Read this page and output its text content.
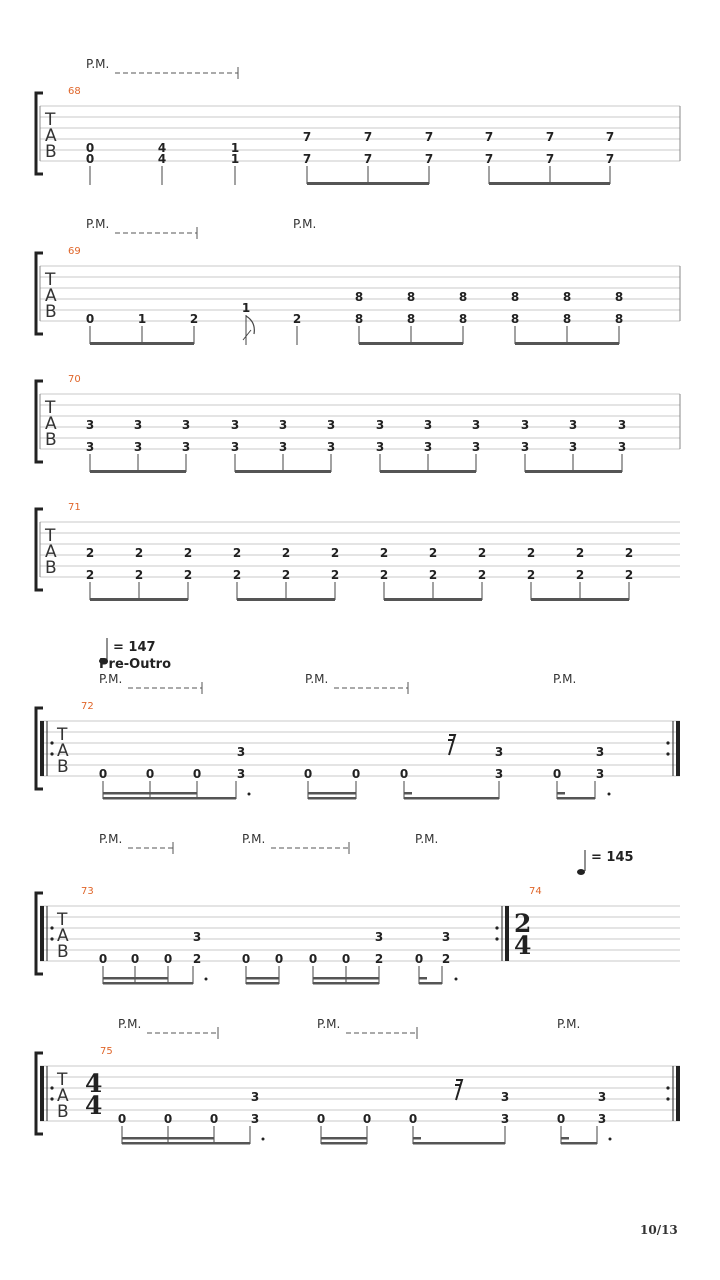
P.M.
68
T
A
B 0
0
4
4
1
1
7
7
7
7
7
7
7
7
7
7
7
7
P.M.	P.M.
69
T
A
B 0	1	2
1
2
8
8
8
8
8
8
8
8
8
8
8
8
70
T
A
B
3
3
3
3
3
3
3
3
3
3
3
3
3
3
3
3
3
3
3
3
3
3
3
3
71
T
A
B
2
2
2
2
2
2
2
2
2
2
2
2
2
2
2
2
2
2
2
2
2
2
2
2
= 147
Pre-Outro
P.M.	P.M.	P.M.
72
T
A
B	0	0	0
3
3	0	0	0
3
3	0
3
3
P.M.	P.M.	P.M.
= 145
73	74
2
4
T
A
B	0 0 0
3
2	0 0 0 0
3
2
3
0 2
P.M.	P.M.	P.M.
75
T
A
B
4
4 0	0	0
3
3	0	0	0
3
3	0
3
3
10/13
